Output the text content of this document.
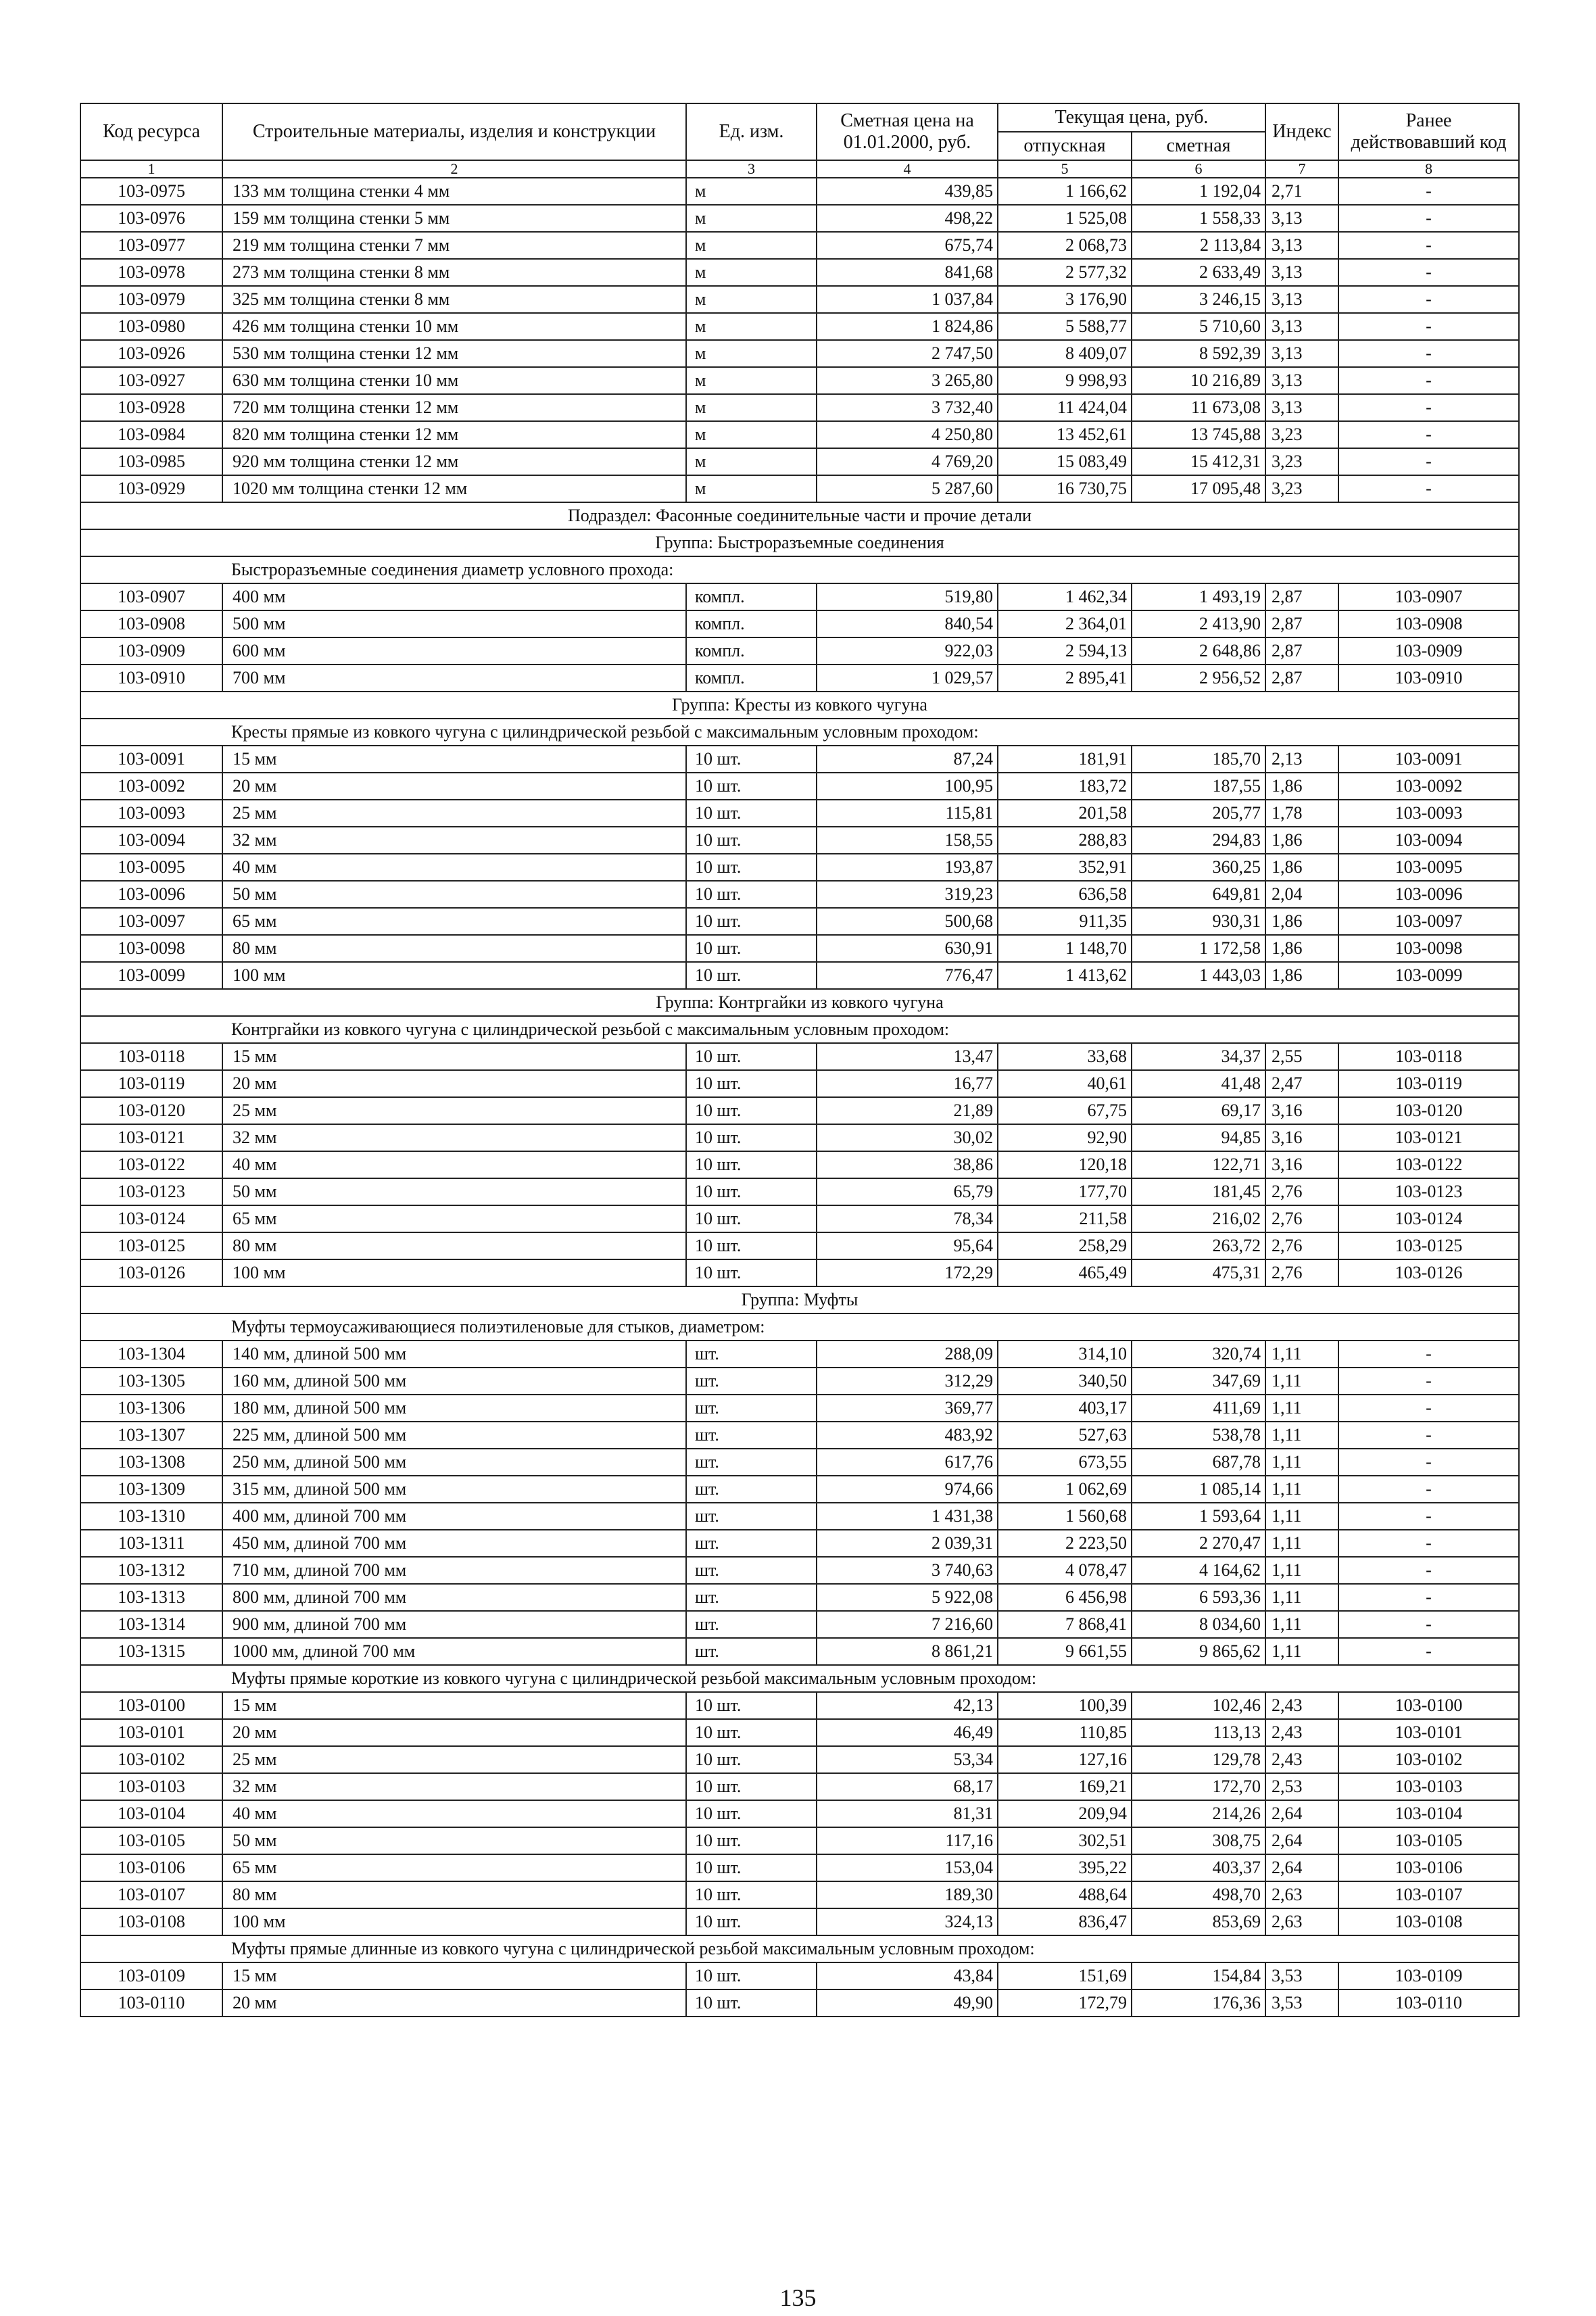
Код ресурса	Строительные материалы, изделия и конструкции	Ед. изм.	Сметная цена на 01.01.2000, руб.	Текущая цена, руб.		Индекс	Ранее действовавший код
				отпускная	сметная		
1	2	3	4	5	6	7	8
103-0975	133 мм толщина стенки 4 мм	м	439,85	1 166,62	1 192,04	2,71	-
103-0976	159 мм толщина стенки 5 мм	м	498,22	1 525,08	1 558,33	3,13	-
103-0977	219 мм толщина стенки 7 мм	м	675,74	2 068,73	2 113,84	3,13	-
103-0978	273 мм толщина стенки 8 мм	м	841,68	2 577,32	2 633,49	3,13	-
103-0979	325 мм толщина стенки 8 мм	м	1 037,84	3 176,90	3 246,15	3,13	-
103-0980	426 мм толщина стенки 10 мм	м	1 824,86	5 588,77	5 710,60	3,13	-
103-0926	530 мм толщина стенки 12 мм	м	2 747,50	8 409,07	8 592,39	3,13	-
103-0927	630 мм толщина стенки 10 мм	м	3 265,80	9 998,93	10 216,89	3,13	-
103-0928	720 мм толщина стенки 12 мм	м	3 732,40	11 424,04	11 673,08	3,13	-
103-0984	820 мм толщина стенки 12 мм	м	4 250,80	13 452,61	13 745,88	3,23	-
103-0985	920 мм толщина стенки 12 мм	м	4 769,20	15 083,49	15 412,31	3,23	-
103-0929	1020 мм толщина стенки 12 мм	м	5 287,60	16 730,75	17 095,48	3,23	-
Подраздел: Фасонные соединительные части и прочие детали							
Группа: Быстроразъемные соединения							
Быстроразъемные соединения диаметр условного прохода:							
103-0907	400 мм	компл.	519,80	1 462,34	1 493,19	2,87	103-0907
103-0908	500 мм	компл.	840,54	2 364,01	2 413,90	2,87	103-0908
103-0909	600 мм	компл.	922,03	2 594,13	2 648,86	2,87	103-0909
103-0910	700 мм	компл.	1 029,57	2 895,41	2 956,52	2,87	103-0910
Группа: Кресты из ковкого чугуна							
Кресты прямые из ковкого чугуна с цилиндрической резьбой с максимальным условным проходом:							
103-0091	15 мм	10 шт.	87,24	181,91	185,70	2,13	103-0091
103-0092	20 мм	10 шт.	100,95	183,72	187,55	1,86	103-0092
103-0093	25 мм	10 шт.	115,81	201,58	205,77	1,78	103-0093
103-0094	32 мм	10 шт.	158,55	288,83	294,83	1,86	103-0094
103-0095	40 мм	10 шт.	193,87	352,91	360,25	1,86	103-0095
103-0096	50 мм	10 шт.	319,23	636,58	649,81	2,04	103-0096
103-0097	65 мм	10 шт.	500,68	911,35	930,31	1,86	103-0097
103-0098	80 мм	10 шт.	630,91	1 148,70	1 172,58	1,86	103-0098
103-0099	100 мм	10 шт.	776,47	1 413,62	1 443,03	1,86	103-0099
Группа: Контргайки из ковкого чугуна							
Контргайки из ковкого чугуна с цилиндрической резьбой с максимальным условным проходом:							
103-0118	15 мм	10 шт.	13,47	33,68	34,37	2,55	103-0118
103-0119	20 мм	10 шт.	16,77	40,61	41,48	2,47	103-0119
103-0120	25 мм	10 шт.	21,89	67,75	69,17	3,16	103-0120
103-0121	32 мм	10 шт.	30,02	92,90	94,85	3,16	103-0121
103-0122	40 мм	10 шт.	38,86	120,18	122,71	3,16	103-0122
103-0123	50 мм	10 шт.	65,79	177,70	181,45	2,76	103-0123
103-0124	65 мм	10 шт.	78,34	211,58	216,02	2,76	103-0124
103-0125	80 мм	10 шт.	95,64	258,29	263,72	2,76	103-0125
103-0126	100 мм	10 шт.	172,29	465,49	475,31	2,76	103-0126
Группа: Муфты							
Муфты термоусаживающиеся полиэтиленовые для стыков, диаметром:							
103-1304	140 мм, длиной 500 мм	шт.	288,09	314,10	320,74	1,11	-
103-1305	160 мм, длиной 500 мм	шт.	312,29	340,50	347,69	1,11	-
103-1306	180 мм, длиной 500 мм	шт.	369,77	403,17	411,69	1,11	-
103-1307	225 мм, длиной 500 мм	шт.	483,92	527,63	538,78	1,11	-
103-1308	250 мм, длиной 500 мм	шт.	617,76	673,55	687,78	1,11	-
103-1309	315 мм, длиной 500 мм	шт.	974,66	1 062,69	1 085,14	1,11	-
103-1310	400 мм, длиной 700 мм	шт.	1 431,38	1 560,68	1 593,64	1,11	-
103-1311	450 мм, длиной 700 мм	шт.	2 039,31	2 223,50	2 270,47	1,11	-
103-1312	710 мм, длиной 700 мм	шт.	3 740,63	4 078,47	4 164,62	1,11	-
103-1313	800 мм, длиной 700 мм	шт.	5 922,08	6 456,98	6 593,36	1,11	-
103-1314	900 мм, длиной 700 мм	шт.	7 216,60	7 868,41	8 034,60	1,11	-
103-1315	1000 мм, длиной 700 мм	шт.	8 861,21	9 661,55	9 865,62	1,11	-
Муфты прямые короткие из ковкого чугуна с цилиндрической резьбой максимальным условным проходом:							
103-0100	15 мм	10 шт.	42,13	100,39	102,46	2,43	103-0100
103-0101	20 мм	10 шт.	46,49	110,85	113,13	2,43	103-0101
103-0102	25 мм	10 шт.	53,34	127,16	129,78	2,43	103-0102
103-0103	32 мм	10 шт.	68,17	169,21	172,70	2,53	103-0103
103-0104	40 мм	10 шт.	81,31	209,94	214,26	2,64	103-0104
103-0105	50 мм	10 шт.	117,16	302,51	308,75	2,64	103-0105
103-0106	65 мм	10 шт.	153,04	395,22	403,37	2,64	103-0106
103-0107	80 мм	10 шт.	189,30	488,64	498,70	2,63	103-0107
103-0108	100 мм	10 шт.	324,13	836,47	853,69	2,63	103-0108
Муфты прямые длинные из ковкого чугуна с цилиндрической резьбой максимальным условным проходом:							
103-0109	15 мм	10 шт.	43,84	151,69	154,84	3,53	103-0109
103-0110	20 мм	10 шт.	49,90	172,79	176,36	3,53	103-0110
135
